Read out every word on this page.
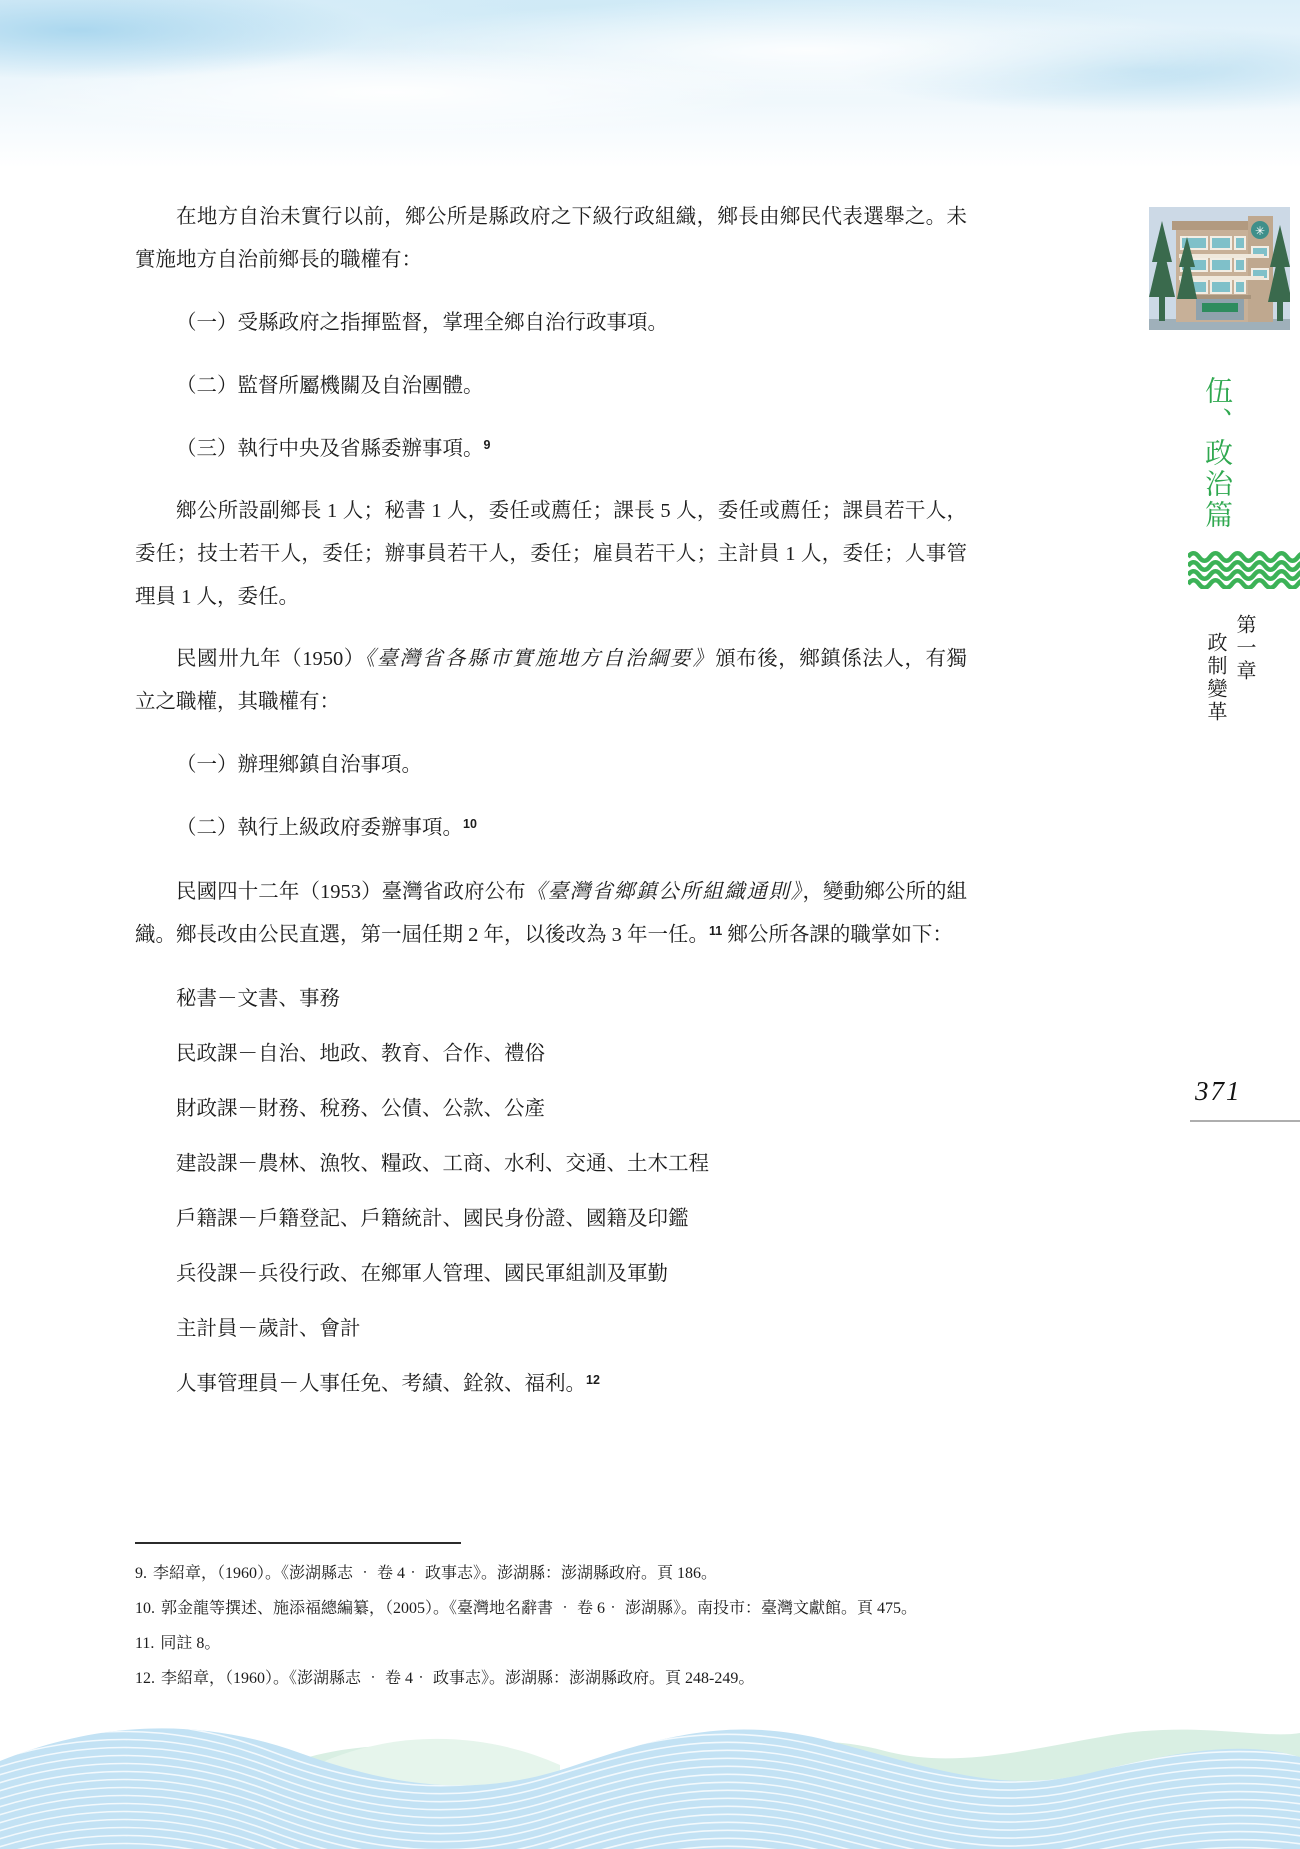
✳
伍、政治篇
第一章 政制變革
371

在地方自治未實行以前，鄉公所是縣政府之下級行政組織，鄉長由鄉民代表選舉之。未實施地方自治前鄉長的職權有：

（一）受縣政府之指揮監督，掌理全鄉自治行政事項。

（二）監督所屬機關及自治團體。

（三）執行中央及省縣委辦事項。$^9$

鄉公所設副鄉長 1 人；秘書 1 人，委任或薦任；課長 5 人，委任或薦任；課員若干人，委任；技士若干人，委任；辦事員若干人，委任；雇員若干人；主計員 1 人，委任；人事管理員 1 人，委任。

民國卅九年（1950）《臺灣省各縣市實施地方自治綱要》頒布後，鄉鎮係法人，有獨立之職權，其職權有：

（一）辦理鄉鎮自治事項。

（二）執行上級政府委辦事項。$^{10}$

民國四十二年（1953）臺灣省政府公布《臺灣省鄉鎮公所組織通則》，變動鄉公所的組織。鄉長改由公民直選，第一屆任期 2 年，以後改為 3 年一任。$^{11}$ 鄉公所各課的職掌如下：

秘書－文書、事務

民政課－自治、地政、教育、合作、禮俗

財政課－財務、稅務、公債、公款、公產

建設課－農林、漁牧、糧政、工商、水利、交通、土木工程

戶籍課－戶籍登記、戶籍統計、國民身份證、國籍及印鑑

兵役課－兵役行政、在鄉軍人管理、國民軍組訓及軍勤

主計員－歲計、會計

人事管理員－人事任免、考績、銓敘、福利。$^{12}$

9. 李紹章，（1960）。《澎湖縣志 ‧ 卷 4‧ 政事志》。澎湖縣：澎湖縣政府。頁 186。

10. 郭金龍等撰述、施添福總編纂，（2005）。《臺灣地名辭書 ‧ 卷 6‧ 澎湖縣》。南投市：臺灣文獻館。頁 475。

11. 同註 8。

12. 李紹章，（1960）。《澎湖縣志 ‧ 卷 4‧ 政事志》。澎湖縣：澎湖縣政府。頁 248-249。
